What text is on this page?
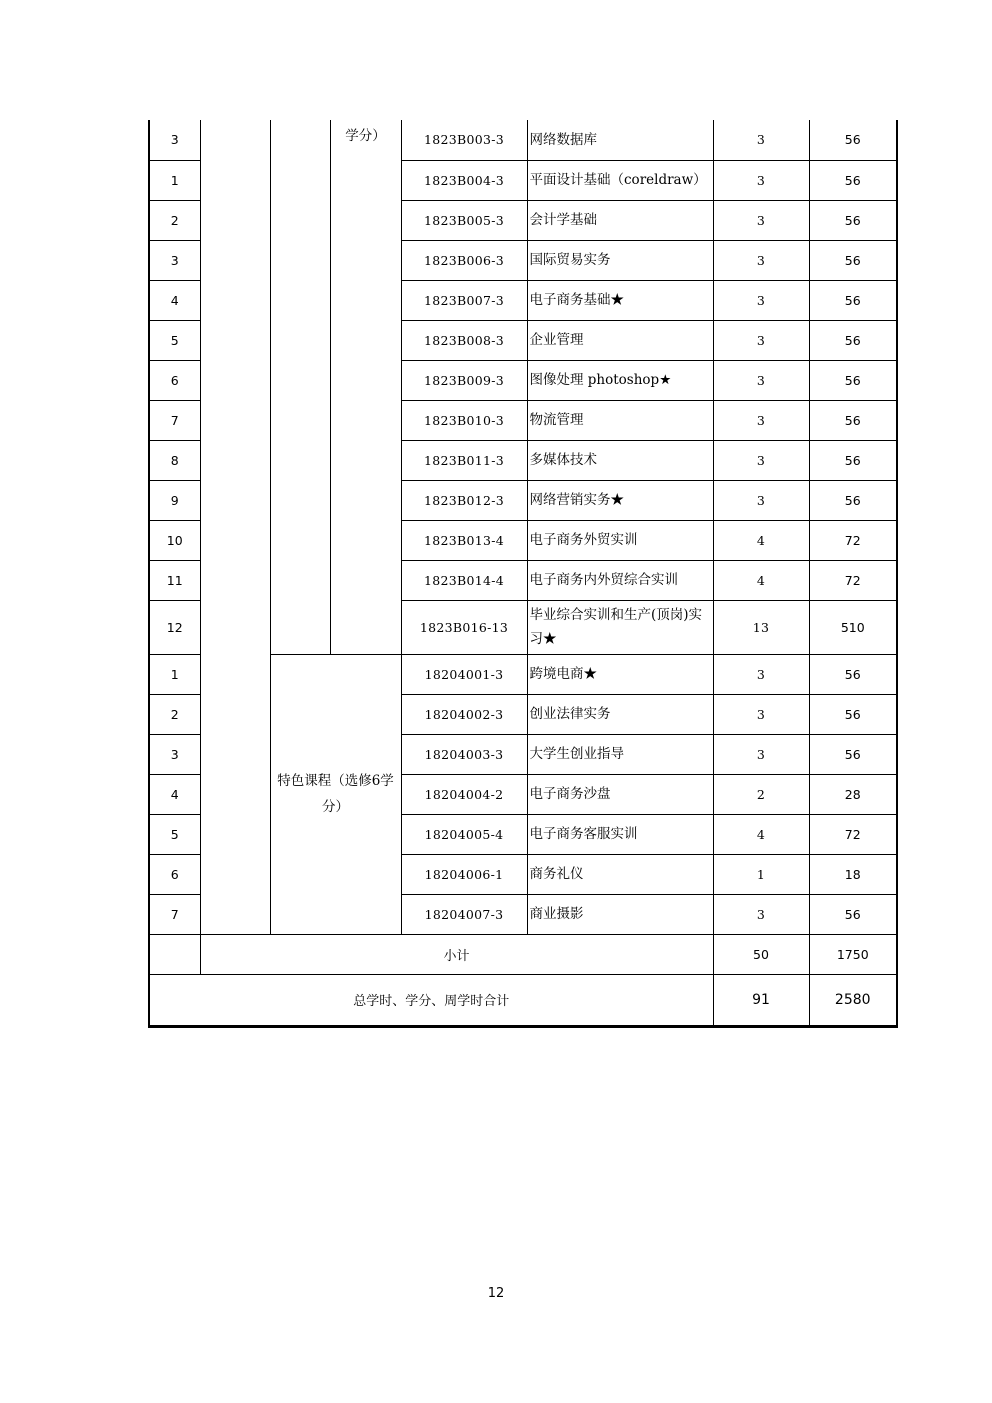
3			学分）	1823B003-3	网络数据库	3	56
1				1823B004-3	平面设计基础（coreldraw）	3	56
2				1823B005-3	会计学基础	3	56
3				1823B006-3	国际贸易实务	3	56
4				1823B007-3	电子商务基础★	3	56
5				1823B008-3	企业管理	3	56
6				1823B009-3	图像处理 photoshop★	3	56
7				1823B010-3	物流管理	3	56
8				1823B011-3	多媒体技术	3	56
9				1823B012-3	网络营销实务★	3	56
10				1823B013-4	电子商务外贸实训	4	72
11				1823B014-4	电子商务内外贸综合实训	4	72
12				1823B016-13	毕业综合实训和生产(顶岗)实习★	13	510
1		特色课程（选修6学分）		18204001-3	跨境电商★	3	56
2				18204002-3	创业法律实务	3	56
3				18204003-3	大学生创业指导	3	56
4				18204004-2	电子商务沙盘	2	28
5				18204005-4	电子商务客服实训	4	72
6				18204006-1	商务礼仪	1	18
7				18204007-3	商业摄影	3	56
	小计					50	1750
总学时、学分、周学时合计						91	2580
12
